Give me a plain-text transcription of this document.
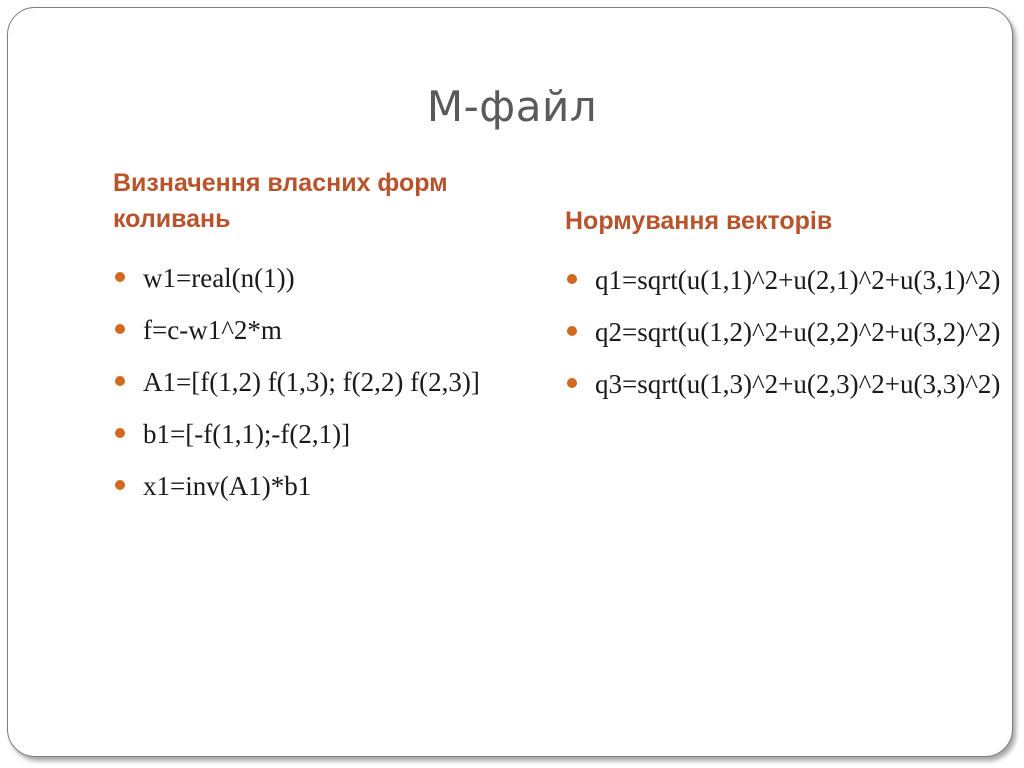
М-файл
Визначення власних форм коливань
w1=real(n(1))
f=c-w1^2*m
A1=[f(1,2) f(1,3); f(2,2) f(2,3)]
b1=[-f(1,1);-f(2,1)]
x1=inv(A1)*b1
Нормування векторів
q1=sqrt(u(1,1)^2+u(2,1)^2+u(3,1)^2)
q2=sqrt(u(1,2)^2+u(2,2)^2+u(3,2)^2)
q3=sqrt(u(1,3)^2+u(2,3)^2+u(3,3)^2)
